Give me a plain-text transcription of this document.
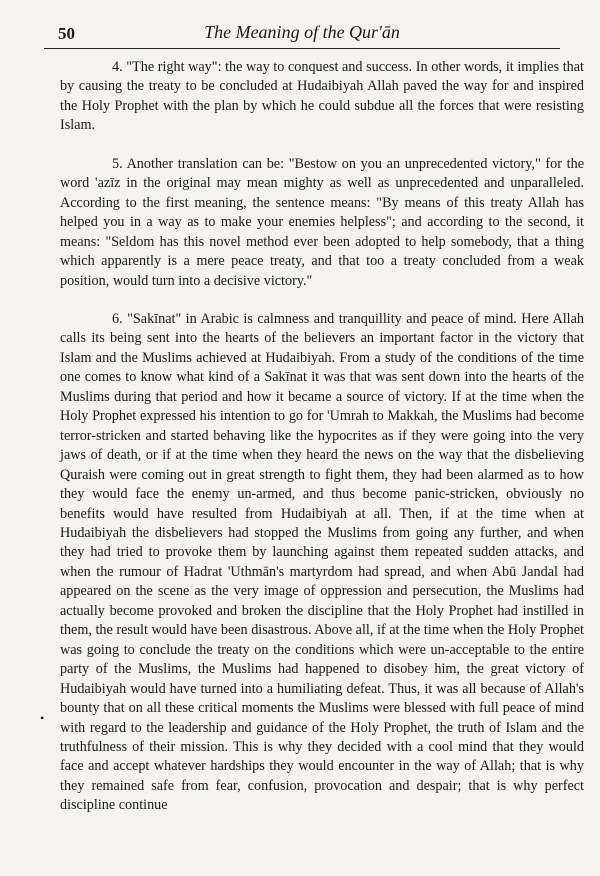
50	The Meaning of the Qur'ān

4. "The right way": the way to conquest and success. In other words, it implies that by causing the treaty to be concluded at Hudaibiyah Allah paved the way for and inspired the Holy Prophet with the plan by which he could subdue all the forces that were resisting Islam.

5. Another translation can be: "Bestow on you an unprecedented victory," for the word 'azīz in the original may mean mighty as well as unprecedented and unparalleled. According to the first meaning, the sentence means: "By means of this treaty Allah has helped you in a way as to make your enemies helpless"; and according to the second, it means: "Seldom has this novel method ever been adopted to help somebody, that a thing which apparently is a mere peace treaty, and that too a treaty concluded from a weak position, would turn into a decisive victory."

6. "Sakīnat" in Arabic is calmness and tranquillity and peace of mind. Here Allah calls its being sent into the hearts of the believers an important factor in the victory that Islam and the Muslims achieved at Hudaibiyah. From a study of the conditions of the time one comes to know what kind of a Sakīnat it was that was sent down into the hearts of the Muslims during that period and how it became a source of victory. If at the time when the Holy Prophet expressed his intention to go for 'Umrah to Makkah, the Muslims had become terror-stricken and started behaving like the hypocrites as if they were going into the very jaws of death, or if at the time when they heard the news on the way that the disbelieving Quraish were coming out in great strength to fight them, they had been alarmed as to how they would face the enemy un-armed, and thus become panic-stricken, obviously no benefits would have resulted from Hudaibiyah at all. Then, if at the time when at Hudaibiyah the disbelievers had stopped the Muslims from going any further, and when they had tried to provoke them by launching against them repeated sudden attacks, and when the rumour of Hadrat 'Uthmān's martyrdom had spread, and when Abū Jandal had appeared on the scene as the very image of oppression and persecution, the Muslims had actually become provoked and broken the discipline that the Holy Prophet had instilled in them, the result would have been disastrous. Above all, if at the time when the Holy Prophet was going to conclude the treaty on the conditions which were un-acceptable to the entire party of the Muslims, the Muslims had happened to disobey him, the great victory of Hudaibiyah would have turned into a humiliating defeat. Thus, it was all because of Allah's bounty that on all these critical moments the Muslims were blessed with full peace of mind with regard to the leadership and guidance of the Holy Prophet, the truth of Islam and the truthfulness of their mission. This is why they decided with a cool mind that they would face and accept whatever hardships they would encounter in the way of Allah; that is why they remained safe from fear, confusion, provocation and despair; that is why perfect discipline continue

•
